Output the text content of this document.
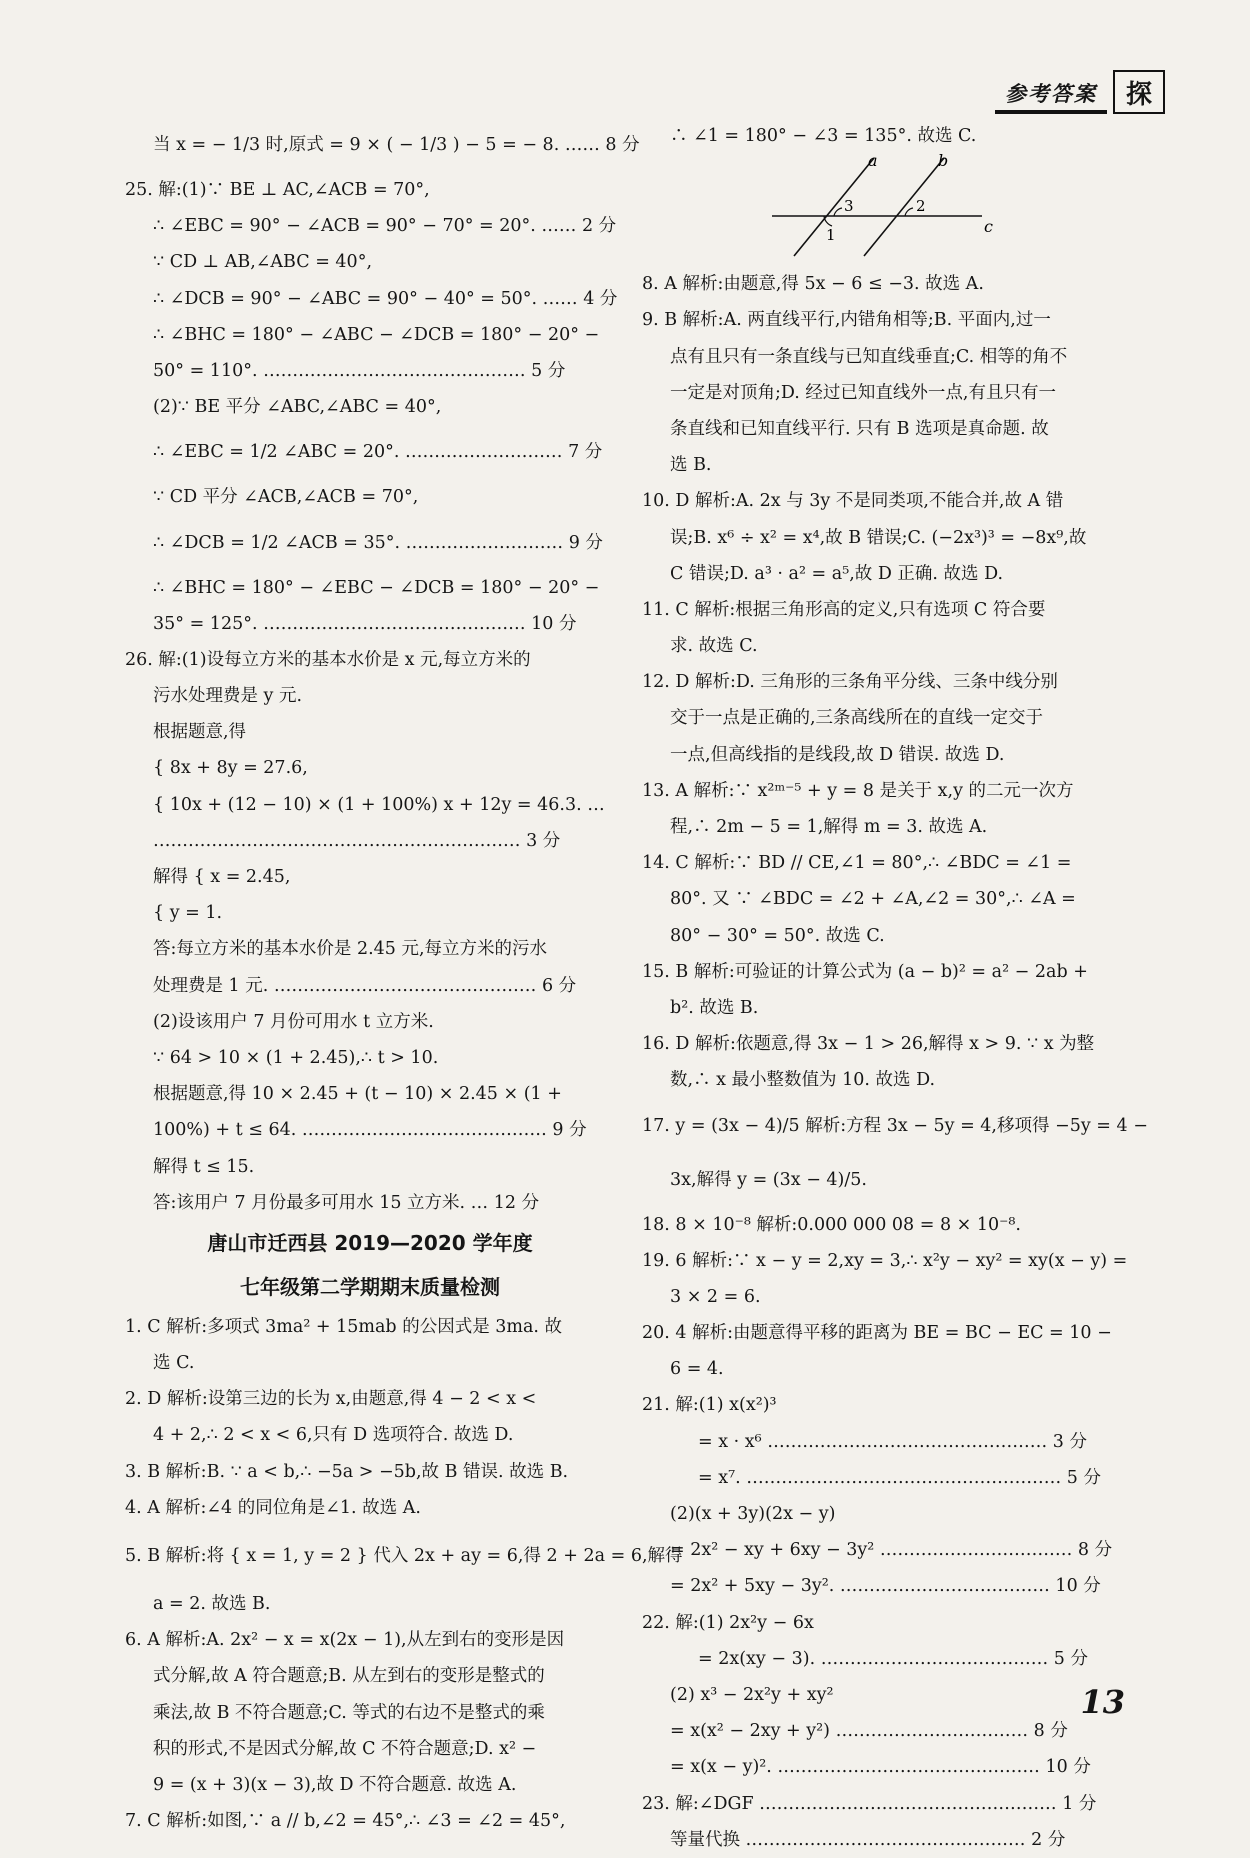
参考答案	探
当 x = − 1/3 时,原式 = 9 × ( − 1/3 ) − 5 = − 8. …… 8 分
25. 解:(1)∵ BE ⊥ AC,∠ACB = 70°,
∴ ∠EBC = 90° − ∠ACB = 90° − 70° = 20°. …… 2 分
∵ CD ⊥ AB,∠ABC = 40°,
∴ ∠DCB = 90° − ∠ABC = 90° − 40° = 50°. …… 4 分
∴ ∠BHC = 180° − ∠ABC − ∠DCB = 180° − 20° −
50° = 110°. ……………………………………… 5 分
(2)∵ BE 平分 ∠ABC,∠ABC = 40°,
∴ ∠EBC = 1/2 ∠ABC = 20°. ……………………… 7 分
∵ CD 平分 ∠ACB,∠ACB = 70°,
∴ ∠DCB = 1/2 ∠ACB = 35°. ……………………… 9 分
∴ ∠BHC = 180° − ∠EBC − ∠DCB = 180° − 20° −
35° = 125°. ……………………………………… 10 分
26. 解:(1)设每立方米的基本水价是 x 元,每立方米的
污水处理费是 y 元.
根据题意,得
{ 8x + 8y = 27.6,
{ 10x + (12 − 10) × (1 + 100%) x + 12y = 46.3. …
……………………………………………………… 3 分
解得 { x = 2.45,
{ y = 1.
答:每立方米的基本水价是 2.45 元,每立方米的污水
处理费是 1 元. ……………………………………… 6 分
(2)设该用户 7 月份可用水 t 立方米.
∵ 64 > 10 × (1 + 2.45),∴ t > 10.
根据题意,得 10 × 2.45 + (t − 10) × 2.45 × (1 +
100%) + t ≤ 64. …………………………………… 9 分
解得 t ≤ 15.
答:该用户 7 月份最多可用水 15 立方米. … 12 分
唐山市迁西县 2019—2020 学年度
七年级第二学期期末质量检测
1. C 解析:多项式 3ma² + 15mab 的公因式是 3ma. 故
选 C.
2. D 解析:设第三边的长为 x,由题意,得 4 − 2 < x <
4 + 2,∴ 2 < x < 6,只有 D 选项符合. 故选 D.
3. B 解析:B. ∵ a < b,∴ −5a > −5b,故 B 错误. 故选 B.
4. A 解析:∠4 的同位角是∠1. 故选 A.
5. B 解析:将 { x = 1, y = 2 } 代入 2x + ay = 6,得 2 + 2a = 6,解得
a = 2. 故选 B.
6. A 解析:A. 2x² − x = x(2x − 1),从左到右的变形是因
式分解,故 A 符合题意;B. 从左到右的变形是整式的
乘法,故 B 不符合题意;C. 等式的右边不是整式的乘
积的形式,不是因式分解,故 C 不符合题意;D. x² −
9 = (x + 3)(x − 3),故 D 不符合题意. 故选 A.
7. C 解析:如图,∵ a // b,∠2 = 45°,∴ ∠3 = ∠2 = 45°,
∴ ∠1 = 180° − ∠3 = 135°. 故选 C.
a	b
c
3	2
1
8. A 解析:由题意,得 5x − 6 ≤ −3. 故选 A.
9. B 解析:A. 两直线平行,内错角相等;B. 平面内,过一
点有且只有一条直线与已知直线垂直;C. 相等的角不
一定是对顶角;D. 经过已知直线外一点,有且只有一
条直线和已知直线平行. 只有 B 选项是真命题. 故
选 B.
10. D 解析:A. 2x 与 3y 不是同类项,不能合并,故 A 错
误;B. x⁶ ÷ x² = x⁴,故 B 错误;C. (−2x³)³ = −8x⁹,故
C 错误;D. a³ · a² = a⁵,故 D 正确. 故选 D.
11. C 解析:根据三角形高的定义,只有选项 C 符合要
求. 故选 C.
12. D 解析:D. 三角形的三条角平分线、三条中线分别
交于一点是正确的,三条高线所在的直线一定交于
一点,但高线指的是线段,故 D 错误. 故选 D.
13. A 解析:∵ x²ᵐ⁻⁵ + y = 8 是关于 x,y 的二元一次方
程,∴ 2m − 5 = 1,解得 m = 3. 故选 A.
14. C 解析:∵ BD // CE,∠1 = 80°,∴ ∠BDC = ∠1 =
80°. 又 ∵ ∠BDC = ∠2 + ∠A,∠2 = 30°,∴ ∠A =
80° − 30° = 50°. 故选 C.
15. B 解析:可验证的计算公式为 (a − b)² = a² − 2ab +
b². 故选 B.
16. D 解析:依题意,得 3x − 1 > 26,解得 x > 9. ∵ x 为整
数,∴ x 最小整数值为 10. 故选 D.
17. y = (3x − 4)/5 解析:方程 3x − 5y = 4,移项得 −5y = 4 −
3x,解得 y = (3x − 4)/5.
18. 8 × 10⁻⁸ 解析:0.000 000 08 = 8 × 10⁻⁸.
19. 6 解析:∵ x − y = 2,xy = 3,∴ x²y − xy² = xy(x − y) =
3 × 2 = 6.
20. 4 解析:由题意得平移的距离为 BE = BC − EC = 10 −
6 = 4.
21. 解:(1) x(x²)³
= x · x⁶ ………………………………………… 3 分
= x⁷. ……………………………………………… 5 分
(2)(x + 3y)(2x − y)
= 2x² − xy + 6xy − 3y² …………………………… 8 分
= 2x² + 5xy − 3y². ……………………………… 10 分
22. 解:(1) 2x²y − 6x
= 2x(xy − 3). ………………………………… 5 分
(2) x³ − 2x²y + xy²
= x(x² − 2xy + y²) …………………………… 8 分
= x(x − y)². ……………………………………… 10 分
23. 解:∠DGF …………………………………………… 1 分
等量代换 ………………………………………… 2 分
13
